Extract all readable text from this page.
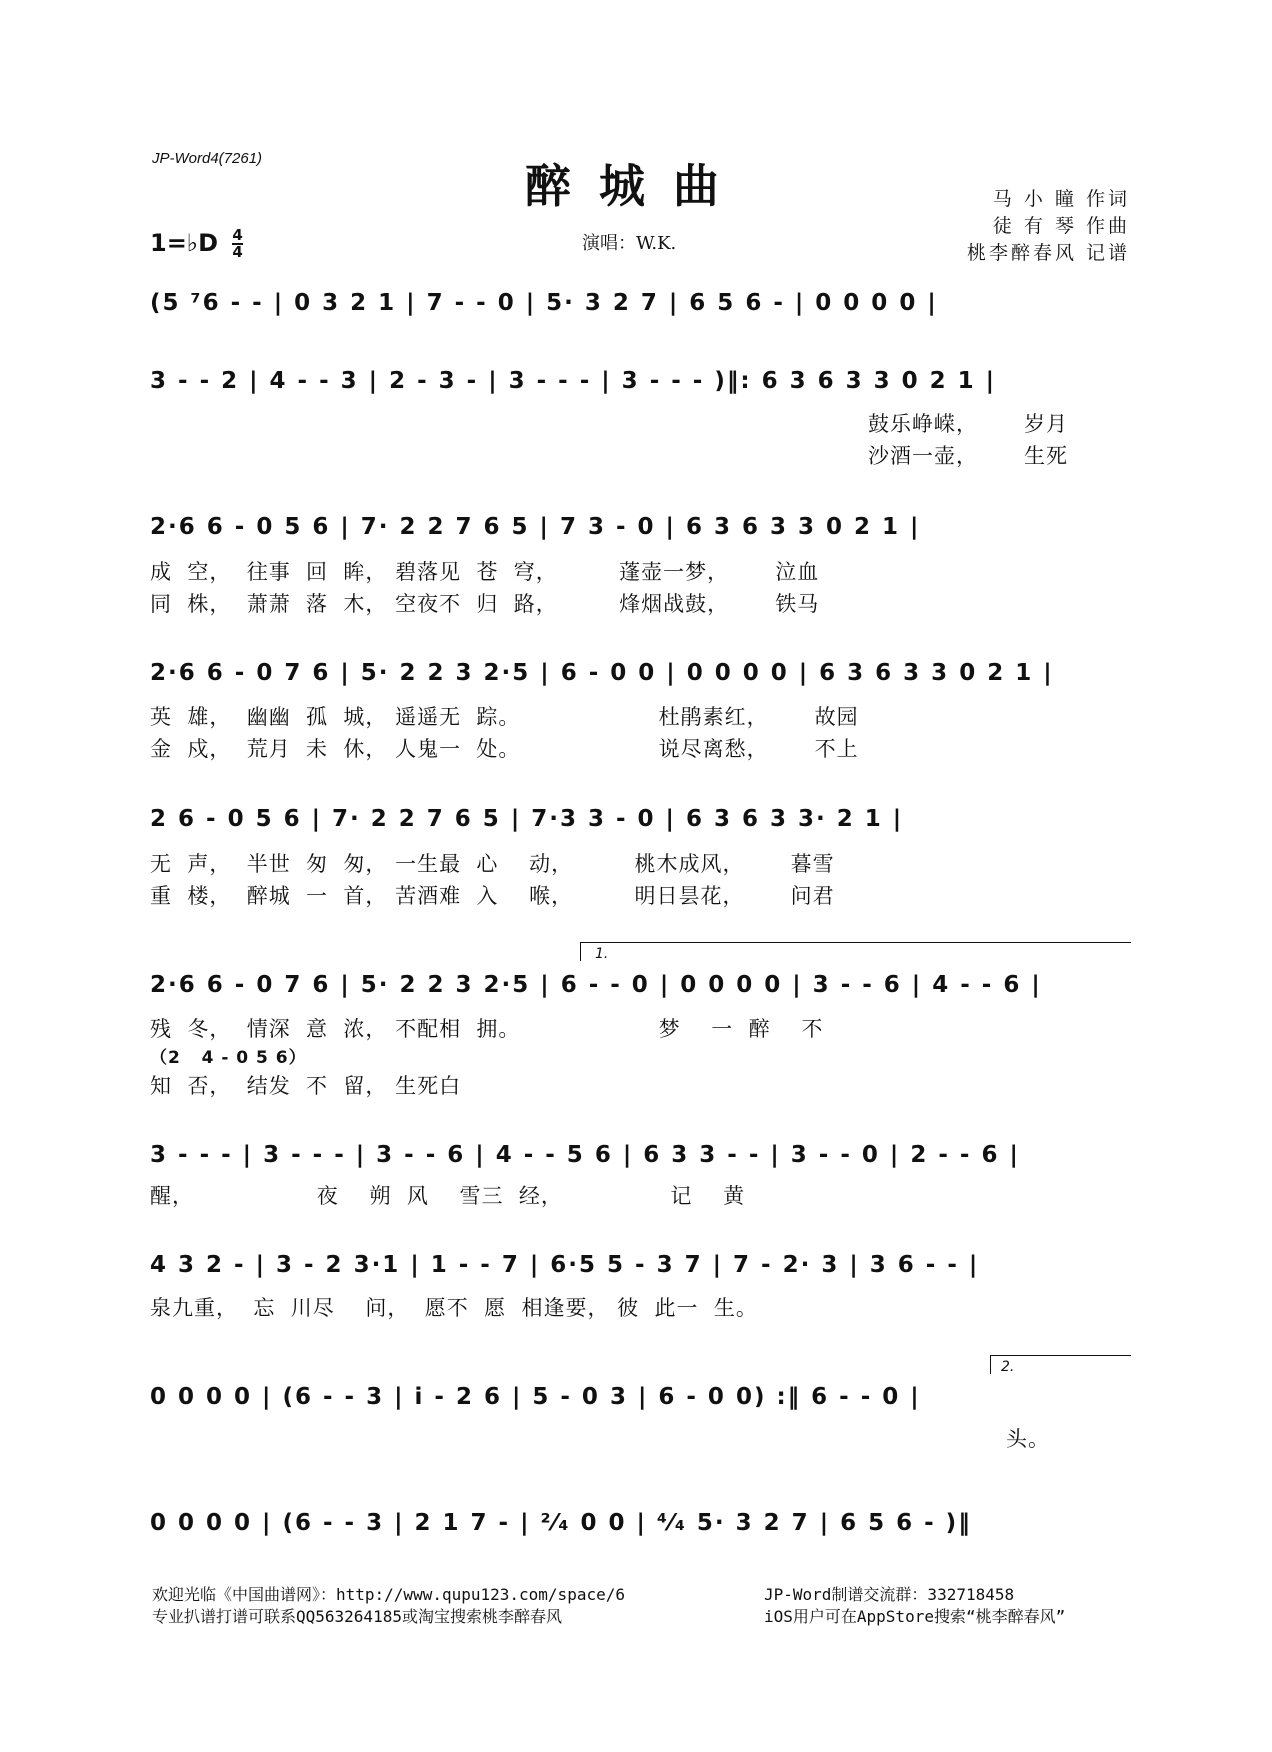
JP-Word4(7261)
醉城曲	马 小 瞳 作词
徒 有 琴 作曲
桃李醉春风 记谱
1=♭D $\frac{4}{4}$	演唱：W.K.
(5 ⁷6 - - | 0 3 2 1 | 7 - - 0 | 5· 3 2 7 | 6 5 6 - | 0 0 0 0 |
3 - - 2 | 4 - - 3 | 2 - 3 - | 3 - - - | 3 - - - )‖: 6 3 6 3 3 0 2 1 |
鼓乐峥嵘，      岁月
沙酒一壶，      生死
2·6 6 - 0 5 6 | 7· 2 2 7 6 5 | 7 3 - 0 | 6 3 6 3 3 0 2 1 |
成  空，  往事  回  眸， 碧落见  苍  穹，        蓬壶一梦，      泣血
同  株，  萧萧  落  木， 空夜不  归  路，        烽烟战鼓，      铁马
2·6 6 - 0 7 6 | 5· 2 2 3 2·5 | 6 - 0 0 | 0 0 0 0 | 6 3 6 3 3 0 2 1 |
英  雄，  幽幽  孤  城， 遥遥无  踪。                  杜鹃素红，      故园
金  戍，  荒月  未  休， 人鬼一  处。                  说尽离愁，      不上
2 6 - 0 5 6 | 7· 2 2 7 6 5 | 7·3 3 - 0 | 6 3 6 3 3· 2 1 |
无  声，  半世  匆  匆， 一生最  心    动，        桃木成风，      暮雪
重  楼，  醉城  一  首， 苦酒难  入    喉，        明日昙花，      问君
1.
2·6 6 - 0 7 6 | 5· 2 2 3 2·5 | 6 - - 0 | 0 0 0 0 | 3 - - 6 | 4 - - 6 |
残  冬，  情深  意  浓， 不配相  拥。                  梦    一  醉    不
（2   4 - 0 5 6）
知  否，  结发  不  留， 生死白
3 - - - | 3 - - - | 3 - - 6 | 4 - - 5 6 | 6 3 3 - - | 3 - - 0 | 2 - - 6 |
醒，                夜    朔  风    雪三  经，              记    黄
4 3 2 - | 3 - 2 3·1 | 1 - - 7 | 6·5 5 - 3 7 | 7 - 2· 3 | 3 6 - - |
泉九重，  忘  川尽    问，  愿不  愿  相逢要， 彼  此一  生。
2.
0 0 0 0 | (6 - - 3 | i - 2 6 | 5 - 0 3 | 6 - 0 0) :‖ 6 - - 0 |
头。
0 0 0 0 | (6 - - 3 | 2 1 7 - | ²⁄₄ 0 0 | ⁴⁄₄ 5· 3 2 7 | 6 5 6 - )‖
欢迎光临《中国曲谱网》：http://www.qupu123.com/space/6
专业扒谱打谱可联系QQ563264185或淘宝搜索桃李醉春风
JP-Word制谱交流群：332718458
iOS用户可在AppStore搜索“桃李醉春风”
